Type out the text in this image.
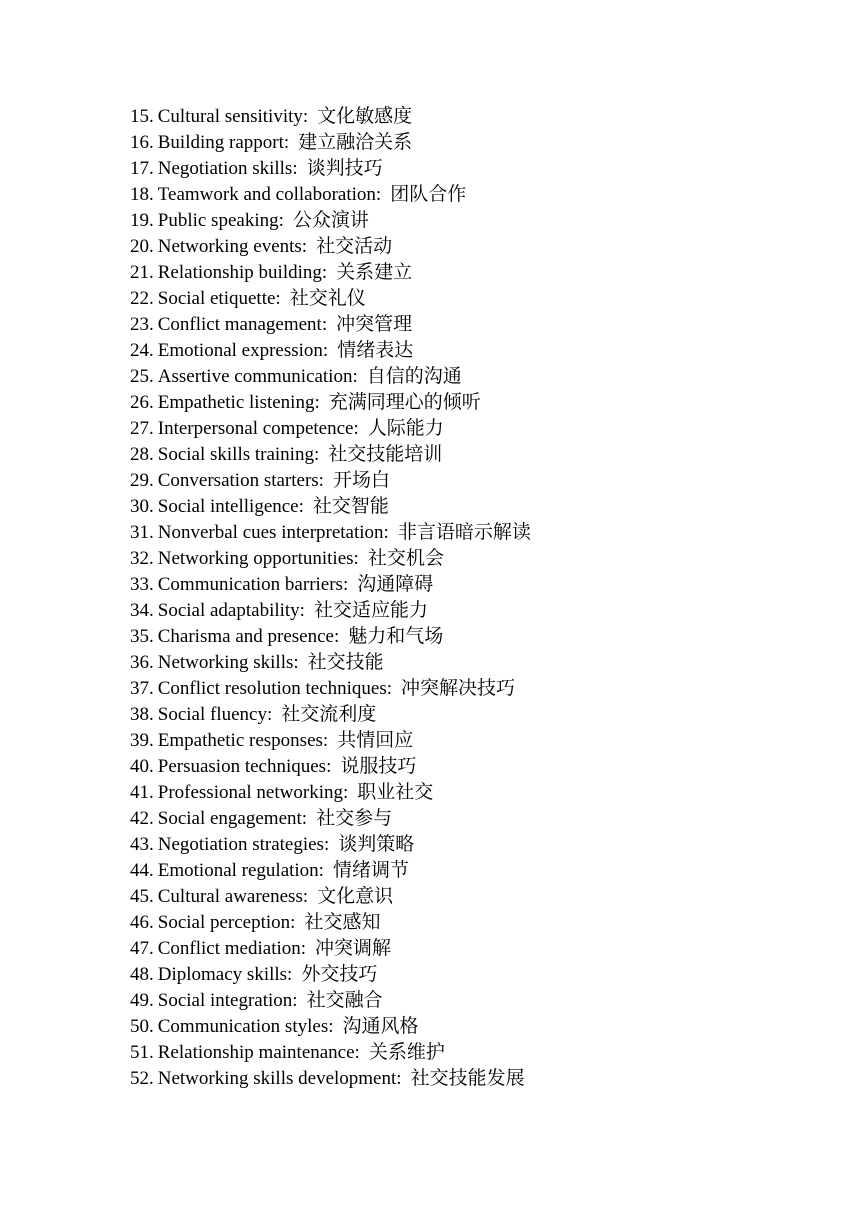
15. Cultural sensitivity: 文化敏感度
16. Building rapport: 建立融洽关系
17. Negotiation skills: 谈判技巧
18. Teamwork and collaboration: 团队合作
19. Public speaking: 公众演讲
20. Networking events: 社交活动
21. Relationship building: 关系建立
22. Social etiquette: 社交礼仪
23. Conflict management: 冲突管理
24. Emotional expression: 情绪表达
25. Assertive communication: 自信的沟通
26. Empathetic listening: 充满同理心的倾听
27. Interpersonal competence: 人际能力
28. Social skills training: 社交技能培训
29. Conversation starters: 开场白
30. Social intelligence: 社交智能
31. Nonverbal cues interpretation: 非言语暗示解读
32. Networking opportunities: 社交机会
33. Communication barriers: 沟通障碍
34. Social adaptability: 社交适应能力
35. Charisma and presence: 魅力和气场
36. Networking skills: 社交技能
37. Conflict resolution techniques: 冲突解决技巧
38. Social fluency: 社交流利度
39. Empathetic responses: 共情回应
40. Persuasion techniques: 说服技巧
41. Professional networking: 职业社交
42. Social engagement: 社交参与
43. Negotiation strategies: 谈判策略
44. Emotional regulation: 情绪调节
45. Cultural awareness: 文化意识
46. Social perception: 社交感知
47. Conflict mediation: 冲突调解
48. Diplomacy skills: 外交技巧
49. Social integration: 社交融合
50. Communication styles: 沟通风格
51. Relationship maintenance: 关系维护
52. Networking skills development: 社交技能发展
